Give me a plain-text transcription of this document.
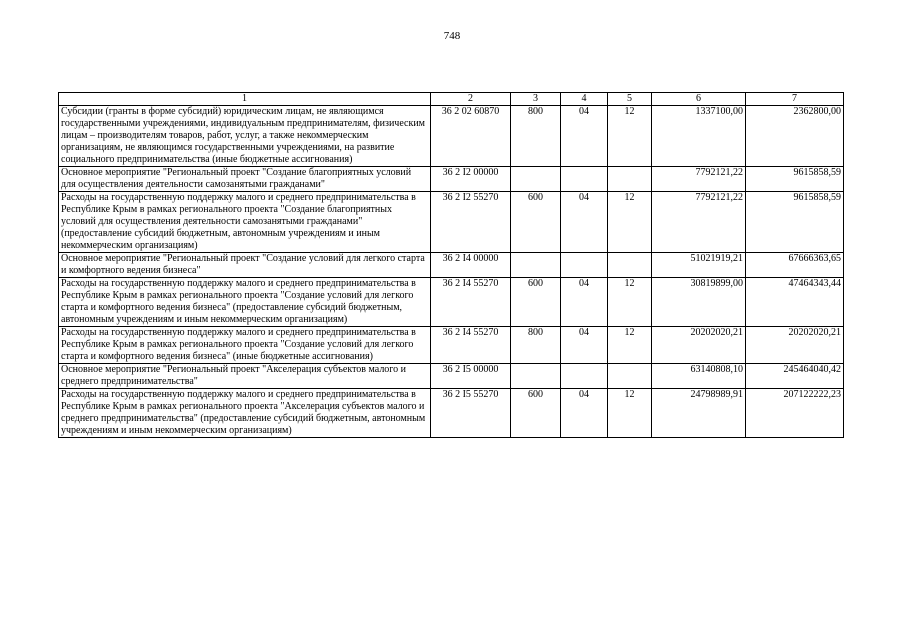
748
1	2	3	4	5	6	7
Субсидии (гранты в форме субсидий) юридическим лицам, не являющимся государственными учреждениями, индивидуальным предпринимателям, физическим лицам – производителям товаров, работ, услуг, а также некоммерческим организациям, не являющимся государственными учреждениями, на развитие социального предпринимательства (иные бюджетные ассигнования)	36 2 02 60870	800	04	12	1337100,00	2362800,00
Основное мероприятие "Региональный проект "Создание благоприятных условий для осуществления деятельности самозанятыми гражданами"	36 2 I2 00000				7792121,22	9615858,59
Расходы на государственную поддержку малого и среднего предпринимательства в Республике Крым в рамках регионального проекта "Создание благоприятных условий для осуществления деятельности самозанятыми гражданами" (предоставление субсидий бюджетным, автономным учреждениям и иным некоммерческим организациям)	36 2 I2 55270	600	04	12	7792121,22	9615858,59
Основное мероприятие "Региональный проект "Создание условий для легкого старта и комфортного ведения бизнеса"	36 2 I4 00000				51021919,21	67666363,65
Расходы на государственную поддержку малого и среднего предпринимательства в Республике Крым в рамках регионального проекта "Создание условий для легкого старта и комфортного ведения бизнеса" (предоставление субсидий бюджетным, автономным учреждениям и иным некоммерческим организациям)	36 2 I4 55270	600	04	12	30819899,00	47464343,44
Расходы на государственную поддержку малого и среднего предпринимательства в Республике Крым в рамках регионального проекта "Создание условий для легкого старта и комфортного ведения бизнеса" (иные бюджетные ассигнования)	36 2 I4 55270	800	04	12	20202020,21	20202020,21
Основное мероприятие "Региональный проект "Акселерация субъектов малого и среднего предпринимательства"	36 2 I5 00000				63140808,10	245464040,42
Расходы на государственную поддержку малого и среднего предпринимательства в Республике Крым в рамках регионального проекта "Акселерация субъектов малого и среднего предпринимательства" (предоставление субсидий бюджетным, автономным учреждениям и иным некоммерческим организациям)	36 2 I5 55270	600	04	12	24798989,91	207122222,23
